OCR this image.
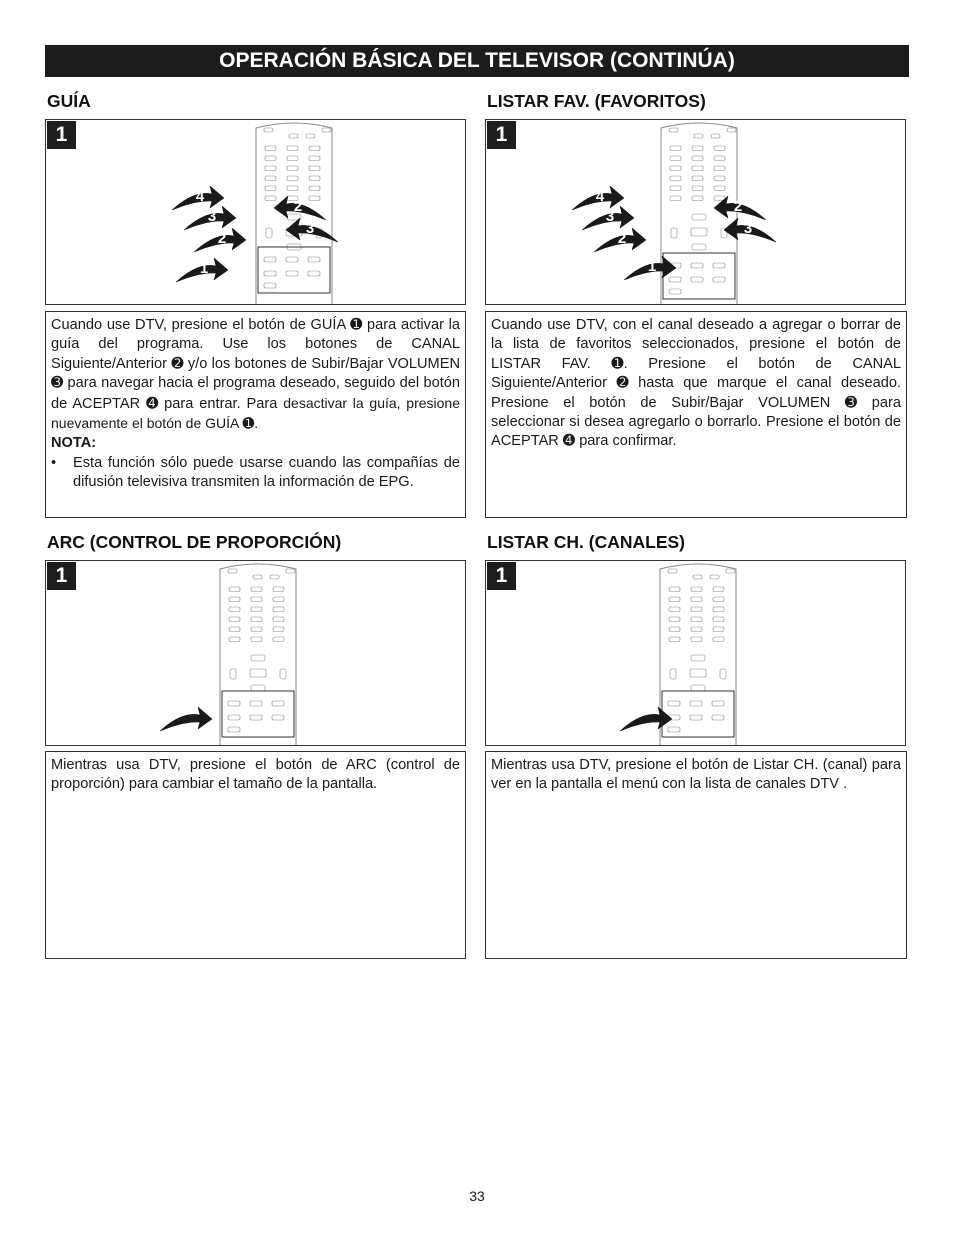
OPERACIÓN BÁSICA DEL TELEVISOR (CONTINÚA)
GUÍA
1
4
3
2
1
2
3

Cuando use DTV, presione el botón de GUÍA ➊ para activar la guía del programa. Use los botones de CANAL Siguiente/Anterior ➋ y/o los botones de Subir/Bajar VOLUMEN ➌ para navegar hacia el programa deseado, seguido del botón de ACEPTAR ➍ para entrar. Para desactivar la guía, presione nuevamente el botón de GUÍA ➊.

NOTA:

•	Esta función sólo puede usarse cuando las compañías de difusión televisiva transmiten la información de EPG.
LISTAR FAV. (FAVORITOS)
1
4
3
2
1
2
3

Cuando use DTV, con el canal deseado a agregar o borrar de la lista de favoritos seleccionados, presione el botón de LISTAR FAV. ➊. Presione el botón de CANAL Siguiente/Anterior ➋ hasta que marque el canal deseado. Presione el botón de Subir/Bajar VOLUMEN ➌ para seleccionar si desea agregarlo o borrarlo. Presione el botón de ACEPTAR ➍ para confirmar.

ARC (CONTROL DE PROPORCIÓN)
1

Mientras usa DTV, presione el botón de ARC (control de proporción) para cambiar el tamaño de la pantalla.

LISTAR CH. (CANALES)
1

Mientras usa DTV, presione el botón de Listar CH. (canal) para ver en la pantalla el menú con la lista de canales DTV .

33
